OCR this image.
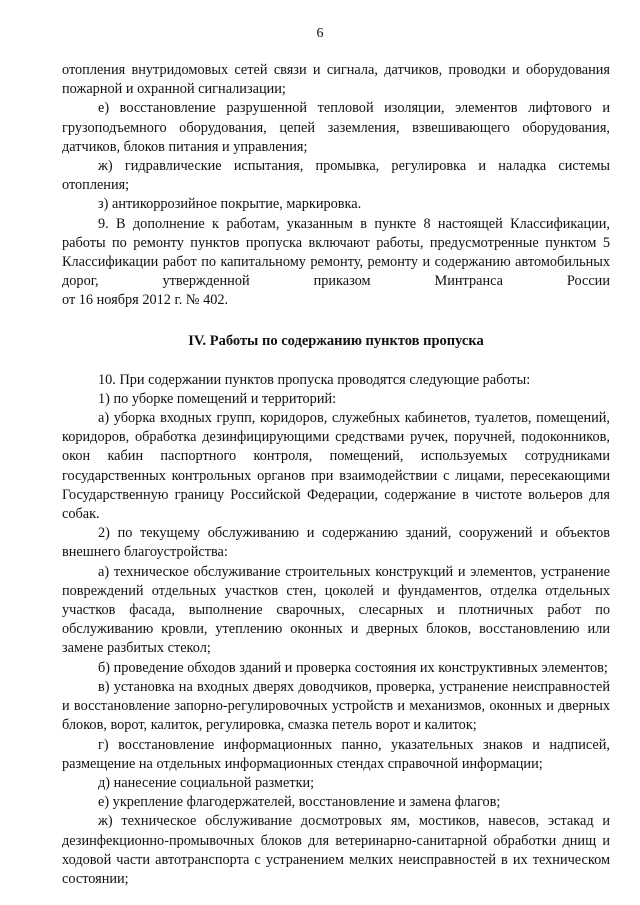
6

отопления внутридомовых сетей связи и сигнала, датчиков, проводки и оборудования пожарной и охранной сигнализации;

е) восстановление разрушенной тепловой изоляции, элементов лифтового и грузоподъемного оборудования, цепей заземления, взвешивающего оборудования, датчиков, блоков питания и управления;

ж) гидравлические испытания, промывка, регулировка и наладка системы отопления;

з) антикоррозийное покрытие, маркировка.

9. В дополнение к работам, указанным в пункте 8 настоящей Классификации, работы по ремонту пунктов пропуска включают работы, предусмотренные пунктом 5 Классификации работ по капитальному ремонту, ремонту и содержанию автомобильных дорог, утвержденной приказом Минтранса России

от 16 ноября 2012 г. № 402.

IV. Работы по содержанию пунктов пропуска

10. При содержании пунктов пропуска проводятся следующие работы:

1) по уборке помещений и территорий:

а) уборка входных групп, коридоров, служебных кабинетов, туалетов, помещений, коридоров, обработка дезинфицирующими средствами ручек, поручней, подоконников, окон кабин паспортного контроля, помещений, используемых сотрудниками государственных контрольных органов при взаимодействии с лицами, пересекающими Государственную границу Российской Федерации, содержание в чистоте вольеров для собак.

2) по текущему обслуживанию и содержанию зданий, сооружений и объектов внешнего благоустройства:

а) техническое обслуживание строительных конструкций и элементов, устранение повреждений отдельных участков стен, цоколей и фундаментов, отделка отдельных участков фасада, выполнение сварочных, слесарных и плотничных работ по обслуживанию кровли, утеплению оконных и дверных блоков, восстановлению или замене разбитых стекол;

б) проведение обходов зданий и проверка состояния их конструктивных элементов;

в) установка на входных дверях доводчиков, проверка, устранение неисправностей и восстановление запорно-регулировочных устройств и механизмов, оконных и дверных блоков, ворот, калиток, регулировка, смазка петель ворот и калиток;

г) восстановление информационных панно, указательных знаков и надписей, размещение на отдельных информационных стендах справочной информации;

д) нанесение социальной разметки;

е) укрепление флагодержателей, восстановление и замена флагов;

ж) техническое обслуживание досмотровых ям, мостиков, навесов, эстакад и дезинфекционно-промывочных блоков для ветеринарно-санитарной обработки днищ и ходовой части автотранспорта с устранением мелких неисправностей в их техническом состоянии;
